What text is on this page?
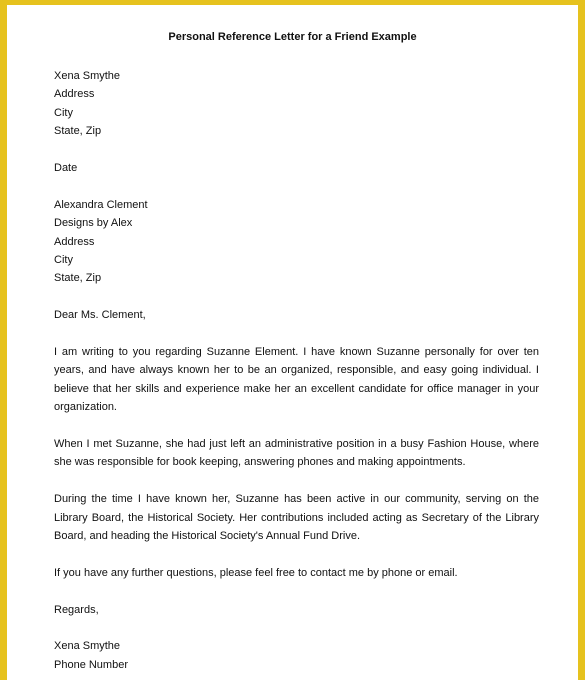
Personal Reference Letter for a Friend Example
Xena Smythe
Address
City
State, Zip
Date
Alexandra Clement
Designs by Alex
Address
City
State, Zip
Dear Ms. Clement,

I am writing to you regarding Suzanne Element. I have known Suzanne personally for over ten years, and have always known her to be an organized, responsible, and easy going individual. I believe that her skills and experience make her an excellent candidate for office manager in your organization.

When I met Suzanne, she had just left an administrative position in a busy Fashion House, where she was responsible for book keeping, answering phones and making appointments.

During the time I have known her, Suzanne has been active in our community, serving on the Library Board, the Historical Society. Her contributions included acting as Secretary of the Library Board, and heading the Historical Society's Annual Fund Drive.

If you have any further questions, please feel free to contact me by phone or email.

Regards,
Xena Smythe
Phone Number
